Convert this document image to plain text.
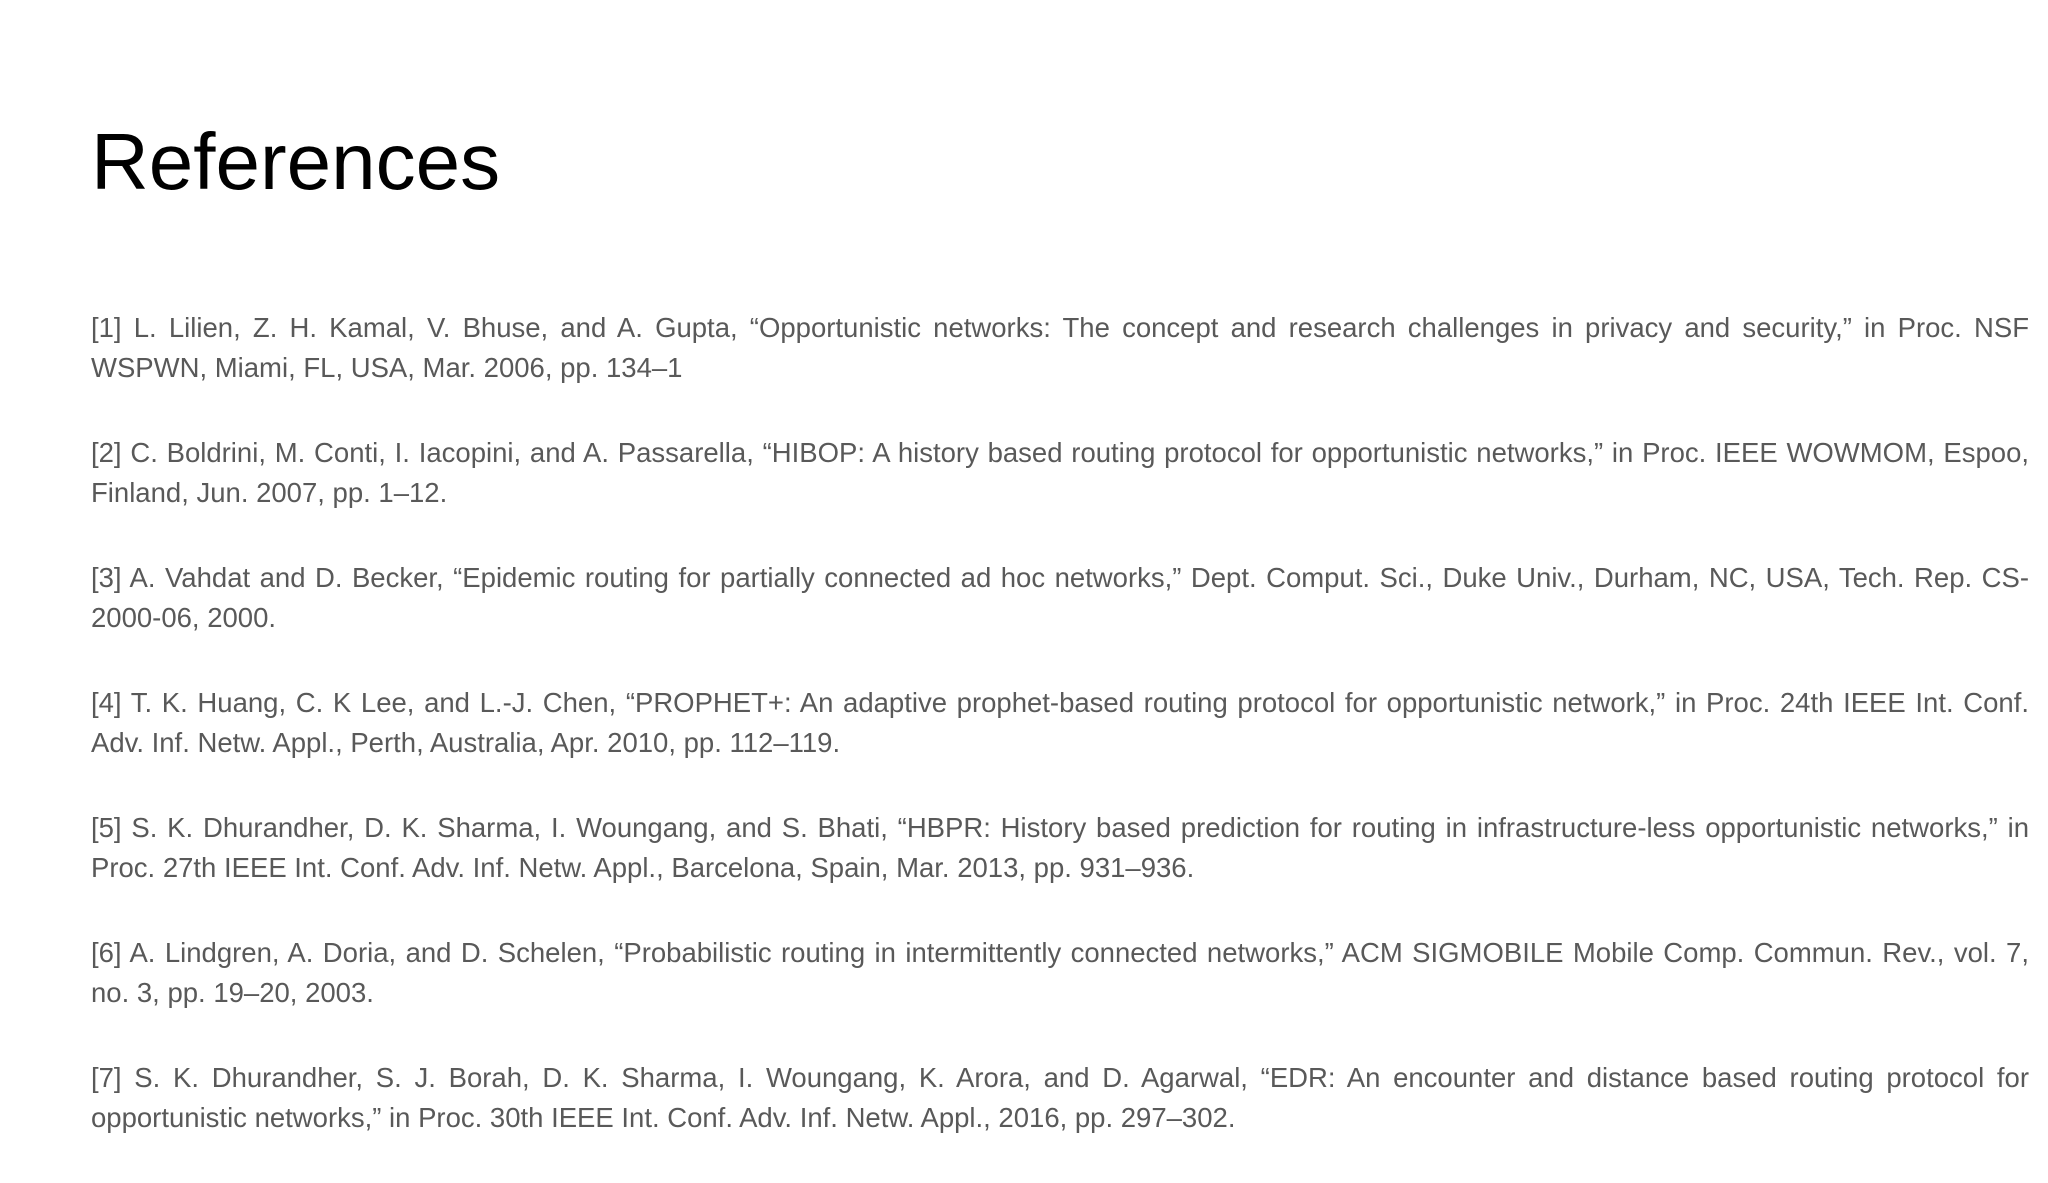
References
[1] L. Lilien, Z. H. Kamal, V. Bhuse, and A. Gupta, “Opportunistic networks: The concept and research challenges in privacy and security,” in Proc. NSF WSPWN, Miami, FL, USA, Mar. 2006, pp. 134–1
[2] C. Boldrini, M. Conti, I. Iacopini, and A. Passarella, “HIBOP: A history based routing protocol for opportunistic networks,” in Proc. IEEE WOWMOM, Espoo, Finland, Jun. 2007, pp. 1–12.
[3] A. Vahdat and D. Becker, “Epidemic routing for partially connected ad hoc networks,” Dept. Comput. Sci., Duke Univ., Durham, NC, USA, Tech. Rep. CS-2000-06, 2000.
[4] T. K. Huang, C. K Lee, and L.-J. Chen, “PROPHET+: An adaptive prophet-based routing protocol for opportunistic network,” in Proc. 24th IEEE Int. Conf. Adv. Inf. Netw. Appl., Perth, Australia, Apr. 2010, pp. 112–119.
[5] S. K. Dhurandher, D. K. Sharma, I. Woungang, and S. Bhati, “HBPR: History based prediction for routing in infrastructure-less opportunistic networks,” in Proc. 27th IEEE Int. Conf. Adv. Inf. Netw. Appl., Barcelona, Spain, Mar. 2013, pp. 931–936.
[6] A. Lindgren, A. Doria, and D. Schelen, “Probabilistic routing in intermittently connected networks,” ACM SIGMOBILE Mobile Comp. Commun. Rev., vol. 7, no. 3, pp. 19–20, 2003.
[7] S. K. Dhurandher, S. J. Borah, D. K. Sharma, I. Woungang, K. Arora, and D. Agarwal, “EDR: An encounter and distance based routing protocol for opportunistic networks,” in Proc. 30th IEEE Int. Conf. Adv. Inf. Netw. Appl., 2016, pp. 297–302.
